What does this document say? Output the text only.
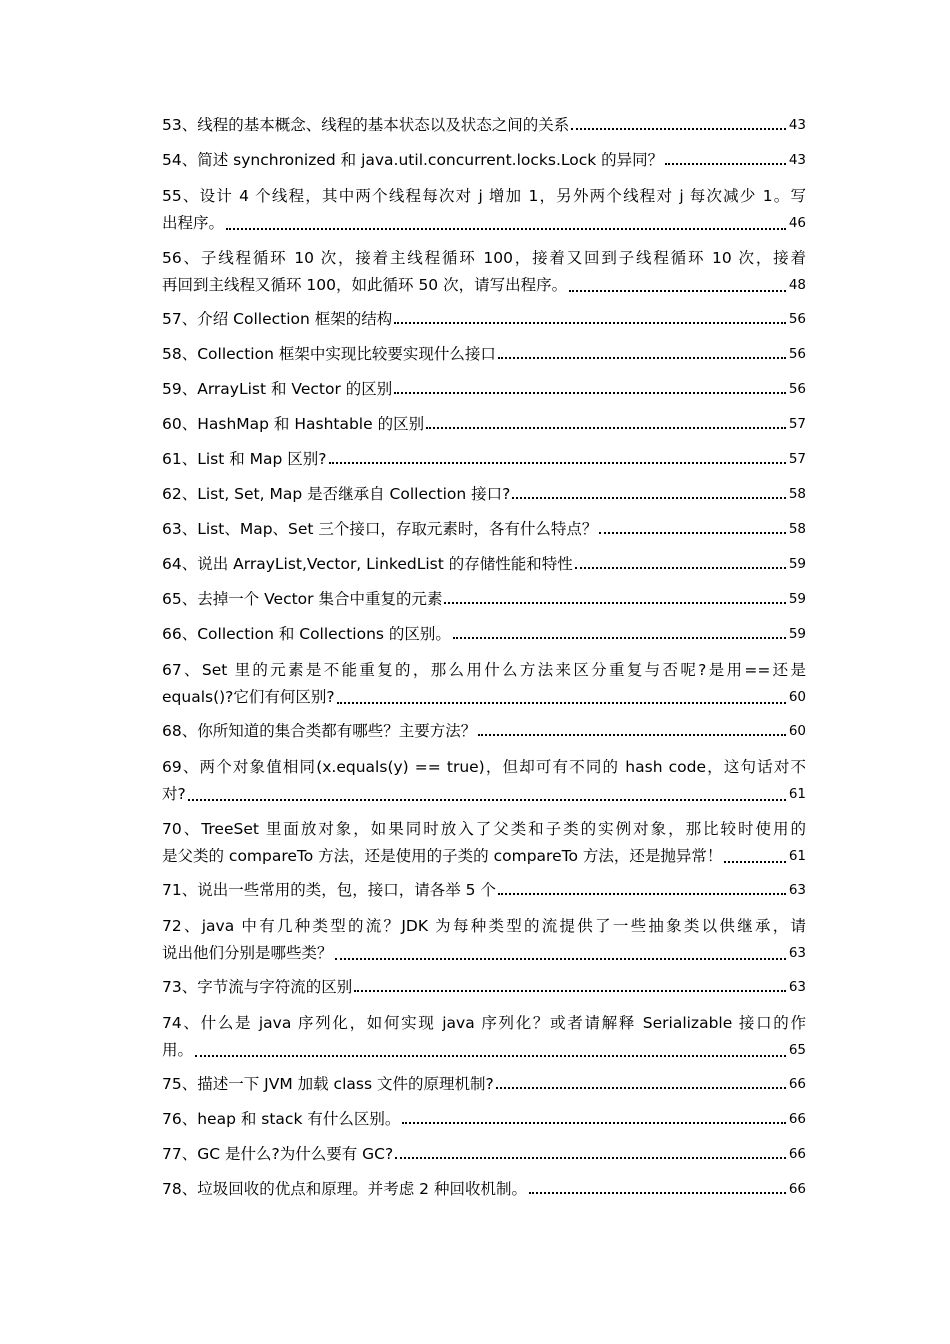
53、线程的基本概念、线程的基本状态以及状态之间的关系	43
54、简述 synchronized 和 java.util.concurrent.locks.Lock 的异同？	43
55、设计 4 个线程，其中两个线程每次对 j 增加 1，另外两个线程对 j 每次减少 1。写
出程序。	46
56、子线程循环 10 次，接着主线程循环 100，接着又回到子线程循环 10 次，接着
再回到主线程又循环 100，如此循环 50 次，请写出程序。	48
57、介绍 Collection 框架的结构	56
58、Collection 框架中实现比较要实现什么接口	56
59、ArrayList 和 Vector 的区别	56
60、HashMap 和 Hashtable 的区别	57
61、List 和 Map 区别?	57
62、List, Set, Map 是否继承自 Collection 接口?	58
63、List、Map、Set 三个接口，存取元素时，各有什么特点？	58
64、说出 ArrayList,Vector, LinkedList 的存储性能和特性	59
65、去掉一个 Vector 集合中重复的元素	59
66、Collection 和 Collections 的区别。	59
67、Set 里的元素是不能重复的，那么用什么方法来区分重复与否呢?是用==还是
equals()?它们有何区别?	60
68、你所知道的集合类都有哪些？主要方法？	60
69、两个对象值相同(x.equals(y) == true)，但却可有不同的 hash code，这句话对不
对?	61
70、TreeSet 里面放对象，如果同时放入了父类和子类的实例对象，那比较时使用的
是父类的 compareTo 方法，还是使用的子类的 compareTo 方法，还是抛异常！	61
71、说出一些常用的类，包，接口，请各举 5 个	63
72、java 中有几种类型的流？JDK 为每种类型的流提供了一些抽象类以供继承，请
说出他们分别是哪些类？	63
73、字节流与字符流的区别	63
74、什么是 java 序列化，如何实现 java 序列化？或者请解释 Serializable 接口的作
用。	65
75、描述一下 JVM 加载 class 文件的原理机制?	66
76、heap 和 stack 有什么区别。	66
77、GC 是什么?为什么要有 GC?	66
78、垃圾回收的优点和原理。并考虑 2 种回收机制。	66
